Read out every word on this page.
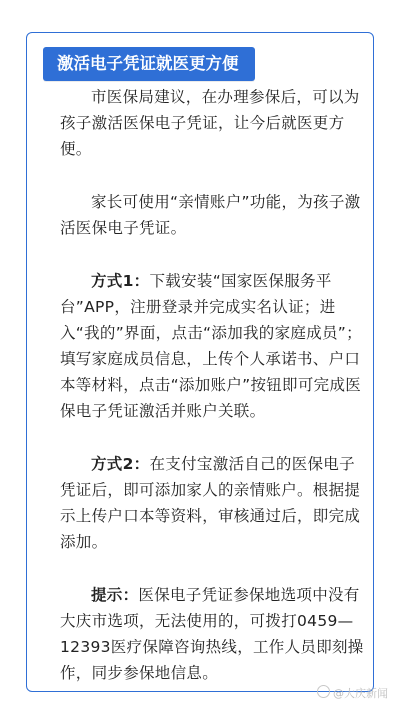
激活电子凭证就医更方便

市医保局建议，在办理参保后，可以为孩子激活医保电子凭证，让今后就医更方便。

家长可使用“亲情账户”功能，为孩子激活医保电子凭证。

方式1：下载安装“国家医保服务平台”APP，注册登录并完成实名认证；进入“我的”界面，点击“添加我的家庭成员”；填写家庭成员信息，上传个人承诺书、户口本等材料，点击“添加账户”按钮即可完成医保电子凭证激活并账户关联。

方式2：在支付宝激活自己的医保电子凭证后，即可添加家人的亲情账户。根据提示上传户口本等资料，审核通过后，即完成添加。

提示：医保电子凭证参保地选项中没有大庆市选项，无法使用的，可拨打0459—12393医疗保障咨询热线，工作人员即刻操作，同步参保地信息。

@大庆新闻
